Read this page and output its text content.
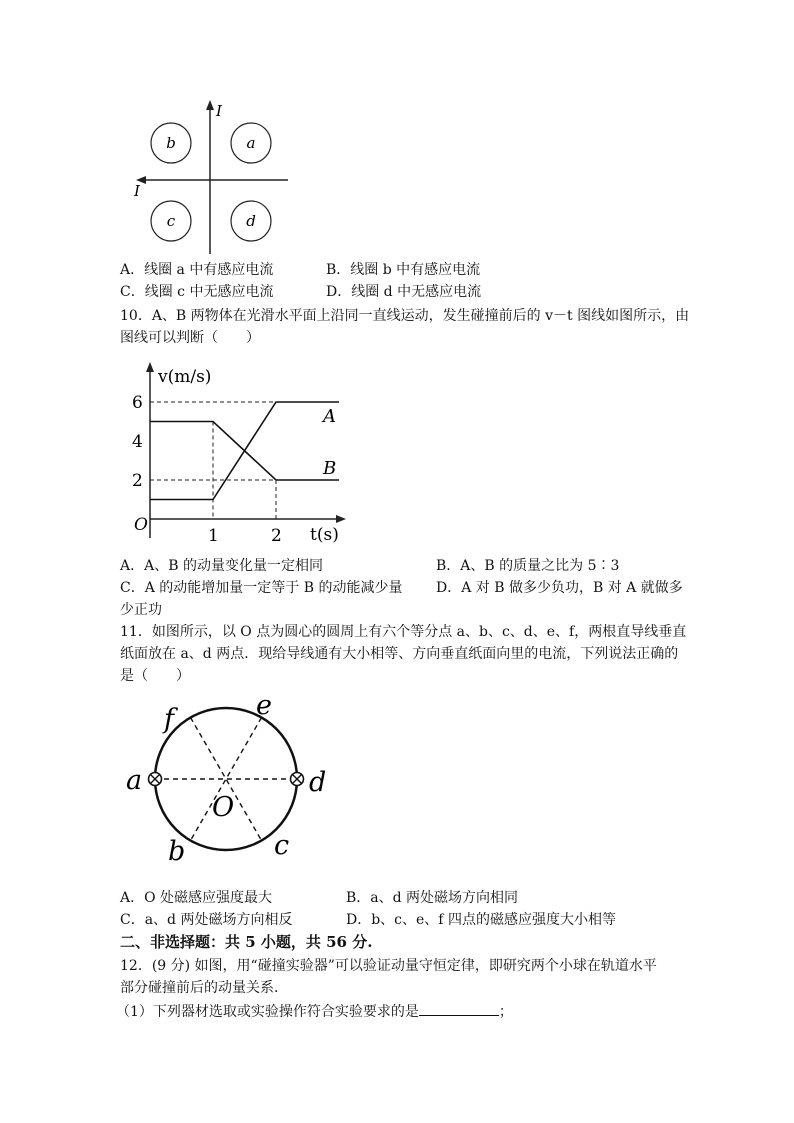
I
I
b	a
c	d
A．线圈 a 中有感应电流	B．线圈 b 中有感应电流
C．线圈 c 中无感应电流	D．线圈 d 中无感应电流
10．A、B 两物体在光滑水平面上沿同一直线运动，发生碰撞前后的 v－t 图线如图所示，由
图线可以判断（　　）
2
4
6
1	2
A
B
v(m/s)
t(s)
O
A．A、B 的动量变化量一定相同	B．A、B 的质量之比为 5∶3
C．A 的动能增加量一定等于 B 的动能减少量 D．A 对 B 做多少负功，B 对 A 就做多
少正功
11．如图所示，以 O 点为圆心的圆周上有六个等分点 a、b、c、d、e、f，两根直导线垂直
纸面放在 a、d 两点．现给导线通有大小相等、方向垂直纸面向里的电流，下列说法正确的
是（　　）
a	d
f	e
b	c
O
A．O 处磁感应强度最大	B．a、d 两处磁场方向相同
C．a、d 两处磁场方向相反	D．b、c、e、f 四点的磁感应强度大小相等
二、非选择题：共 5 小题，共 56 分.
12．(9 分) 如图，用“碰撞实验器”可以验证动量守恒定律，即研究两个小球在轨道水平
部分碰撞前后的动量关系．
（1）下列器材选取或实验操作符合实验要求的是	；
